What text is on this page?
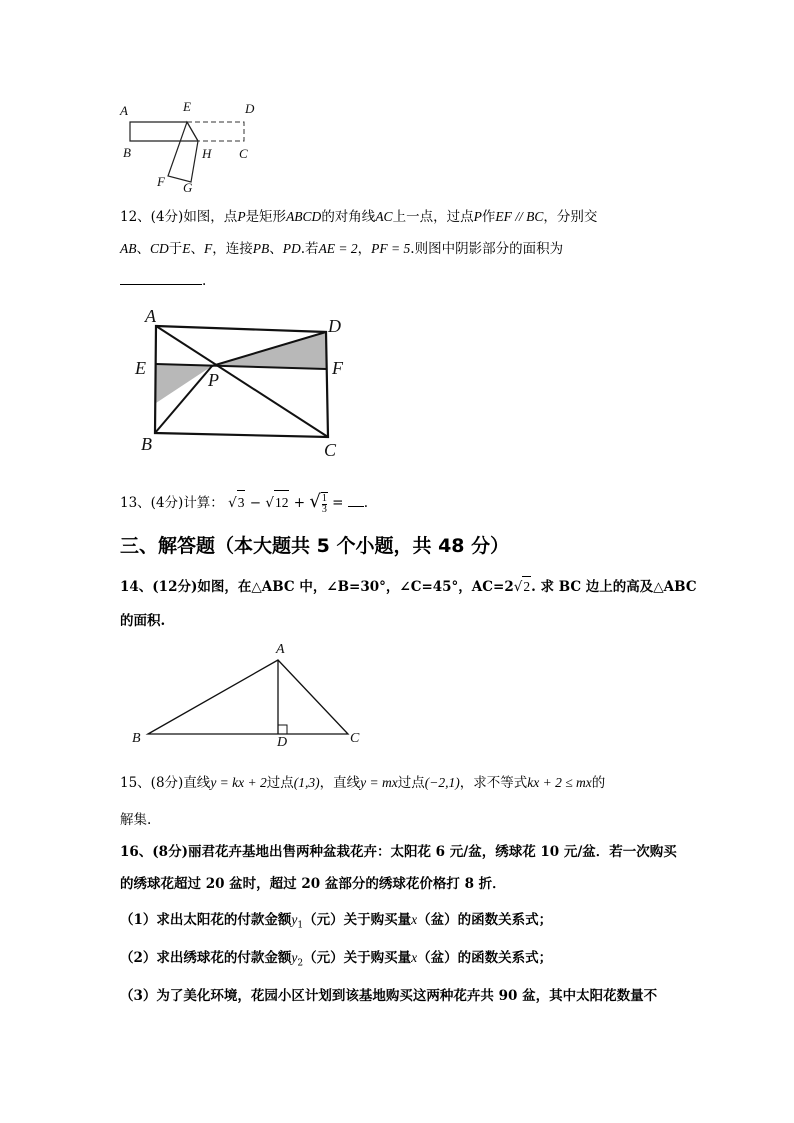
A	E	D
B	H C
F G
12、(4分)如图，点P是矩形ABCD的对角线AC上一点，过点P作EF // BC，分别交
AB、CD于E、F，连接PB、PD.若AE = 2，PF = 5.则图中阴影部分的面积为
.
A	D
E	F
P
B	C
13、(4分)计算： √3 − √12 + √ $\frac{1}{3}$ = .
三、解答题（本大题共 5 个小题，共 48 分）
14、(12分)如图，在△ABC 中，∠B=30°，∠C=45°，AC=2√2. 求 BC 边上的高及△ABC
的面积.
A
B	D	C
15、(8分)直线y = kx + 2过点(1,3)，直线y = mx过点(−2,1)，求不等式kx + 2 ≤ mx的
解集.
16、(8分)丽君花卉基地出售两种盆栽花卉：太阳花 6 元/盆，绣球花 10 元/盆．若一次购买
的绣球花超过 20 盆时，超过 20 盆部分的绣球花价格打 8 折．
（1）求出太阳花的付款金额$y_1$（元）关于购买量x（盆）的函数关系式；
（2）求出绣球花的付款金额$y_2$（元）关于购买量x（盆）的函数关系式；
（3）为了美化环境，花园小区计划到该基地购买这两种花卉共 90 盆，其中太阳花数量不
